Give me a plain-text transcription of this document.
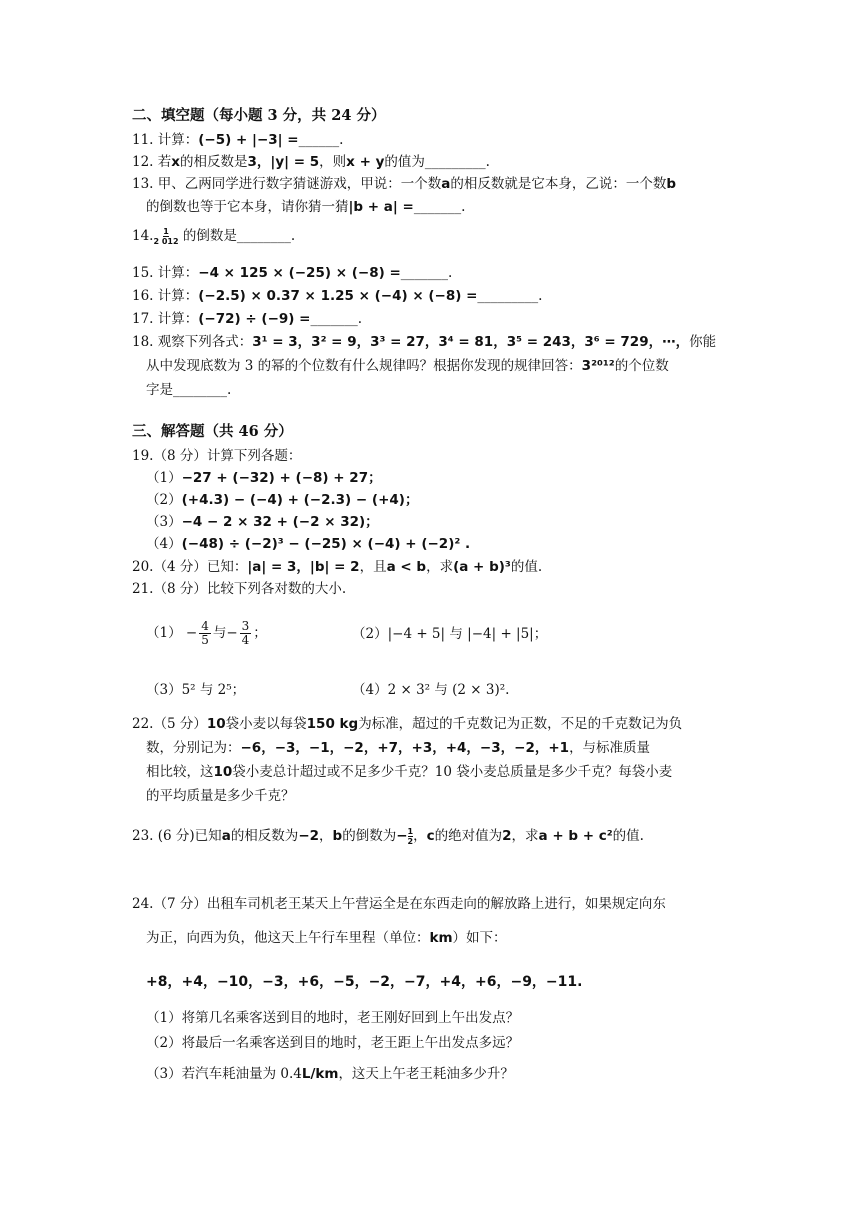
二、填空题（每小题 3 分，共 24 分）
11. 计算：(−5) + |−3| =______.
12. 若x的相反数是3，|y| = 5，则x + y的值为_________.
13. 甲、乙两同学进行数字猜谜游戏，甲说：一个数a的相反数就是它本身，乙说：一个数b
的倒数也等于它本身，请你猜一猜|b + a| =_______.
14. $\frac{1}{2 012}$ 的倒数是________.
15. 计算：−4 × 125 × (−25) × (−8) =_______.
16. 计算：(−2.5) × 0.37 × 1.25 × (−4) × (−8) =_________.
17. 计算：(−72) ÷ (−9) =_______.
18. 观察下列各式：3¹ = 3，3² = 9，3³ = 27，3⁴ = 81，3⁵ = 243，3⁶ = 729，⋯，你能
从中发现底数为 3 的幂的个位数有什么规律吗？根据你发现的规律回答：3²⁰¹²的个位数
字是________.
三、解答题（共 46 分）
19.（8 分）计算下列各题：
（1）−27 + (−32) + (−8) + 27；
（2）(+4.3) − (−4) + (−2.3) − (+4)；
（3）−4 − 2 × 32 + (−2 × 32)；
（4）(−48) ÷ (−2)³ − (−25) × (−4) + (−2)² .
20.（4 分）已知：|a| = 3，|b| = 2，且a < b，求(a + b)³的值.
21.（8 分）比较下列各对数的大小.
$(1) - \frac{4}{5}$ 与− $\frac{3}{4}$ ；	（2）|−4 + 5| 与 |−4| + |5|；
（3）5² 与 2⁵；	（4）2 × 3² 与 (2 × 3)².
22.（5 分）10袋小麦以每袋150 kg为标准，超过的千克数记为正数，不足的千克数记为负
数，分别记为：−6，−3，−1，−2，+7，+3，+4，−3，−2，+1，与标准质量
相比较，这10袋小麦总计超过或不足多少千克？10 袋小麦总质量是多少千克？每袋小麦
的平均质量是多少千克？
23. (6 分)已知a的相反数为−2，b的倒数为− $\frac{1}{2}$ ，c的绝对值为2，求a + b + c²的值.
24.（7 分）出租车司机老王某天上午营运全是在东西走向的解放路上进行，如果规定向东
为正，向西为负，他这天上午行车里程（单位：km）如下：
+8，+4，−10，−3，+6，−5，−2，−7，+4，+6，−9，−11.
（1）将第几名乘客送到目的地时，老王刚好回到上午出发点？
（2）将最后一名乘客送到目的地时，老王距上午出发点多远？
（3）若汽车耗油量为 0.4L/km，这天上午老王耗油多少升？
